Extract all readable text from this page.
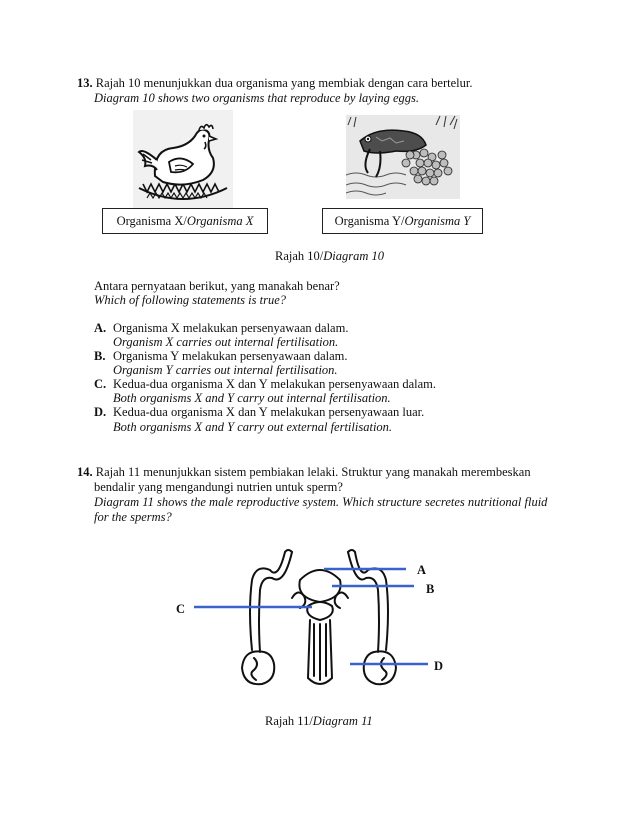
13. Rajah 10 menunjukkan dua organisma yang membiak dengan cara bertelur.
Diagram 10 shows two organisms that reproduce by laying eggs.
Organisma X/Organisma X	Organisma Y/Organisma Y
Rajah 10/Diagram 10
Antara pernyataan berikut, yang manakah benar?
Which of following statements is true?
A. Organisma X melakukan persenyawaan dalam.
Organism X carries out internal fertilisation.
B. Organisma Y melakukan persenyawaan dalam.
Organism Y carries out internal fertilisation.
C. Kedua-dua organisma X dan Y melakukan persenyawaan dalam.
Both organisms X and Y carry out internal fertilisation.
D. Kedua-dua organisma X dan Y melakukan persenyawaan luar.
Both organisms X and Y carry out external fertilisation.
14. Rajah 11 menunjukkan sistem pembiakan lelaki. Struktur yang manakah merembeskan
bendalir yang mengandungi nutrien untuk sperm?
Diagram 11 shows the male reproductive system. Which structure secretes nutritional fluid
for the sperms?
A
B
C
D
Rajah 11/Diagram 11
